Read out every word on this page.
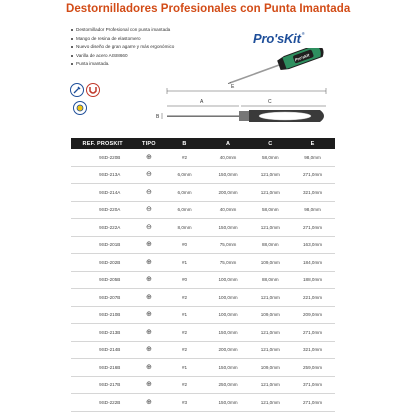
Destornilladores Profesionales con Punta Imantada
Destornillador Profesional con punta imantada
Mango de resina de elastomero
Nuevo diseño de gran agarre y más ergonómico
Varilla de acero AISI8660
Punta imantada.
Pro'sKit®
Pro'sKit
E
A	C
B
REF. PROSKIT	TIPO	B	A	C	E
9SD-220B	⊕	#2	40,0mm	58,0mm	98,0mm
9SD-213A	⊖	6,0mm	150,0mm	121,0mm	271,0mm
9SD-214A	⊖	6,0mm	200,0mm	121,0mm	321,0mm
9SD-220A	⊖	6,0mm	40,0mm	58,0mm	98,0mm
9SD-222A	⊖	8,0mm	150,0mm	121,0mm	271,0mm
9SD-201B	⊕	#0	75,0mm	88,0mm	163,0mm
9SD-202B	⊕	#1	75,0mm	109,0mm	184,0mm
9SD-205B	⊕	#0	100,0mm	88,0mm	188,0mm
9SD-207B	⊕	#2	100,0mm	121,0mm	221,0mm
9SD-210B	⊕	#1	100,0mm	109,0mm	209,0mm
9SD-213B	⊕	#2	150,0mm	121,0mm	271,0mm
9SD-214B	⊕	#2	200,0mm	121,0mm	321,0mm
9SD-216B	⊕	#1	150,0mm	109,0mm	259,0mm
9SD-217B	⊕	#2	250,0mm	121,0mm	371,0mm
9SD-222B	⊕	#3	150,0mm	121,0mm	271,0mm
